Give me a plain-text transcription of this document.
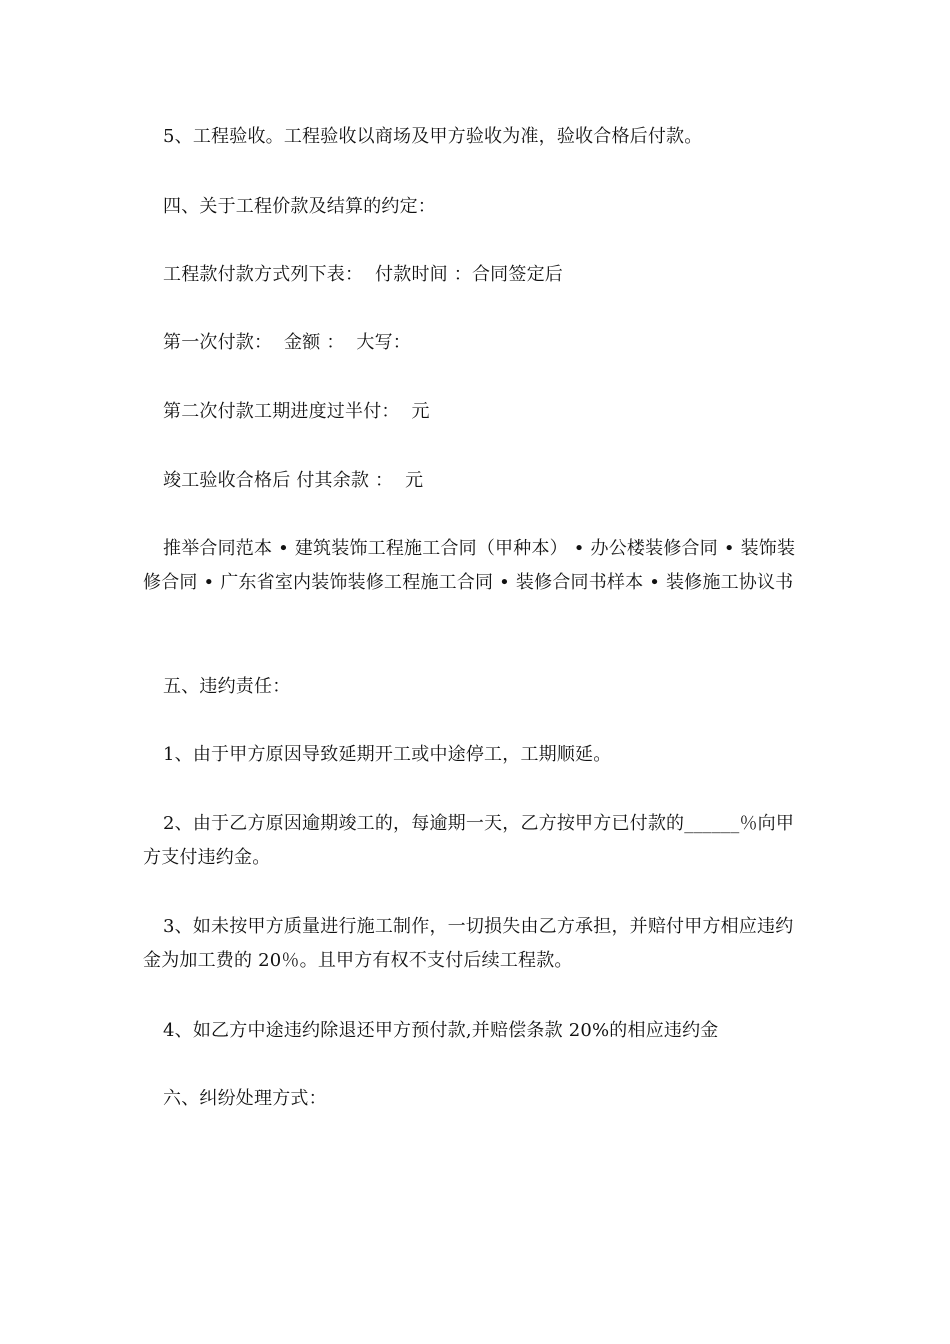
5、工程验收。工程验收以商场及甲方验收为准，验收合格后付款。

四、关于工程价款及结算的约定：

工程款付款方式列下表：  付款时间 ：合同签定后

第一次付款：  金额 ：  大写：

第二次付款工期进度过半付：  元

竣工验收合格后 付其余款 ：  元

推举合同范本 • 建筑装饰工程施工合同（甲种本） • 办公楼装修合同 • 装饰装修合同 • 广东省室内装饰装修工程施工合同 • 装修合同书样本 • 装修施工协议书

五、违约责任：

1、由于甲方原因导致延期开工或中途停工，工期顺延。

2、由于乙方原因逾期竣工的，每逾期一天，乙方按甲方已付款的______％向甲方支付违约金。

3、如未按甲方质量进行施工制作，一切损失由乙方承担，并赔付甲方相应违约金为加工费的 20％。且甲方有权不支付后续工程款。

4、如乙方中途违约除退还甲方预付款,并赔偿条款 20%的相应违约金

六、纠纷处理方式：
